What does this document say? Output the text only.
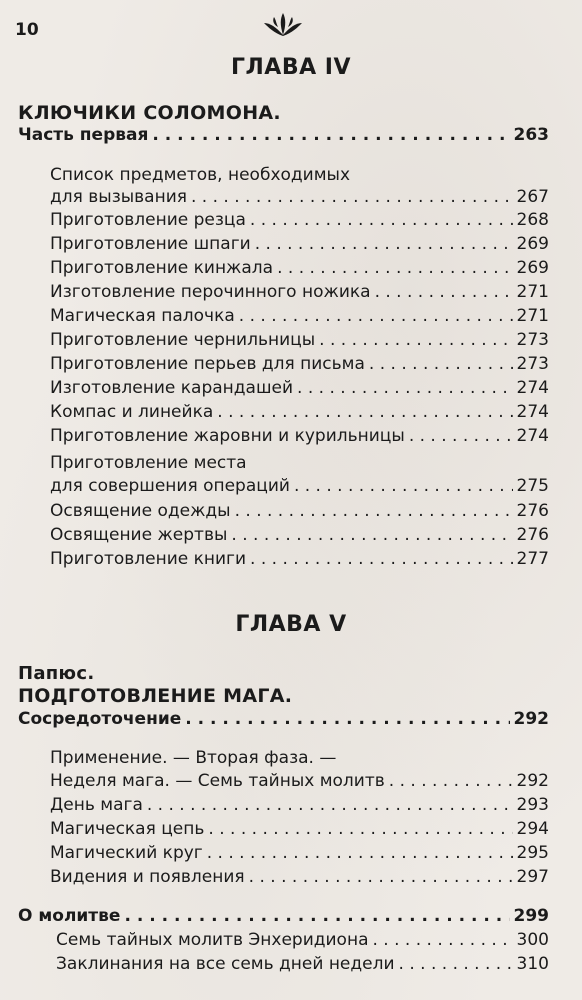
10
ГЛАВА IV
КЛЮЧИКИ СОЛОМОНА.
Часть первая . . .	263
Список предметов, необходимых
для вызывания . . .	267
Приготовление резца . . .	268
Приготовление шпаги . . .	269
Приготовление кинжала . . .	269
Изготовление перочинного ножика . . .	271
Магическая палочка . . .	271
Приготовление чернильницы . . .	273
Приготовление перьев для письма . . .	273
Изготовление карандашей . . .	274
Компас и линейка . . .	274
Приготовление жаровни и курильницы . . .	274
Приготовление места
для совершения операций . . .	275
Освящение одежды . . .	276
Освящение жертвы . . .	276
Приготовление книги . . .	277
ГЛАВА V
Папюс.
ПОДГОТОВЛЕНИЕ МАГА.
Сосредоточение . . .	292
Применение. — Вторая фаза. —
Неделя мага. — Семь тайных молитв . . .	292
День мага . . .	293
Магическая цепь . . .	294
Магический круг . . .	295
Видения и появления . . .	297
О молитве . . .	299
Семь тайных молитв Энхеридиона . . .	300
Заклинания на все семь дней недели . . .	310
